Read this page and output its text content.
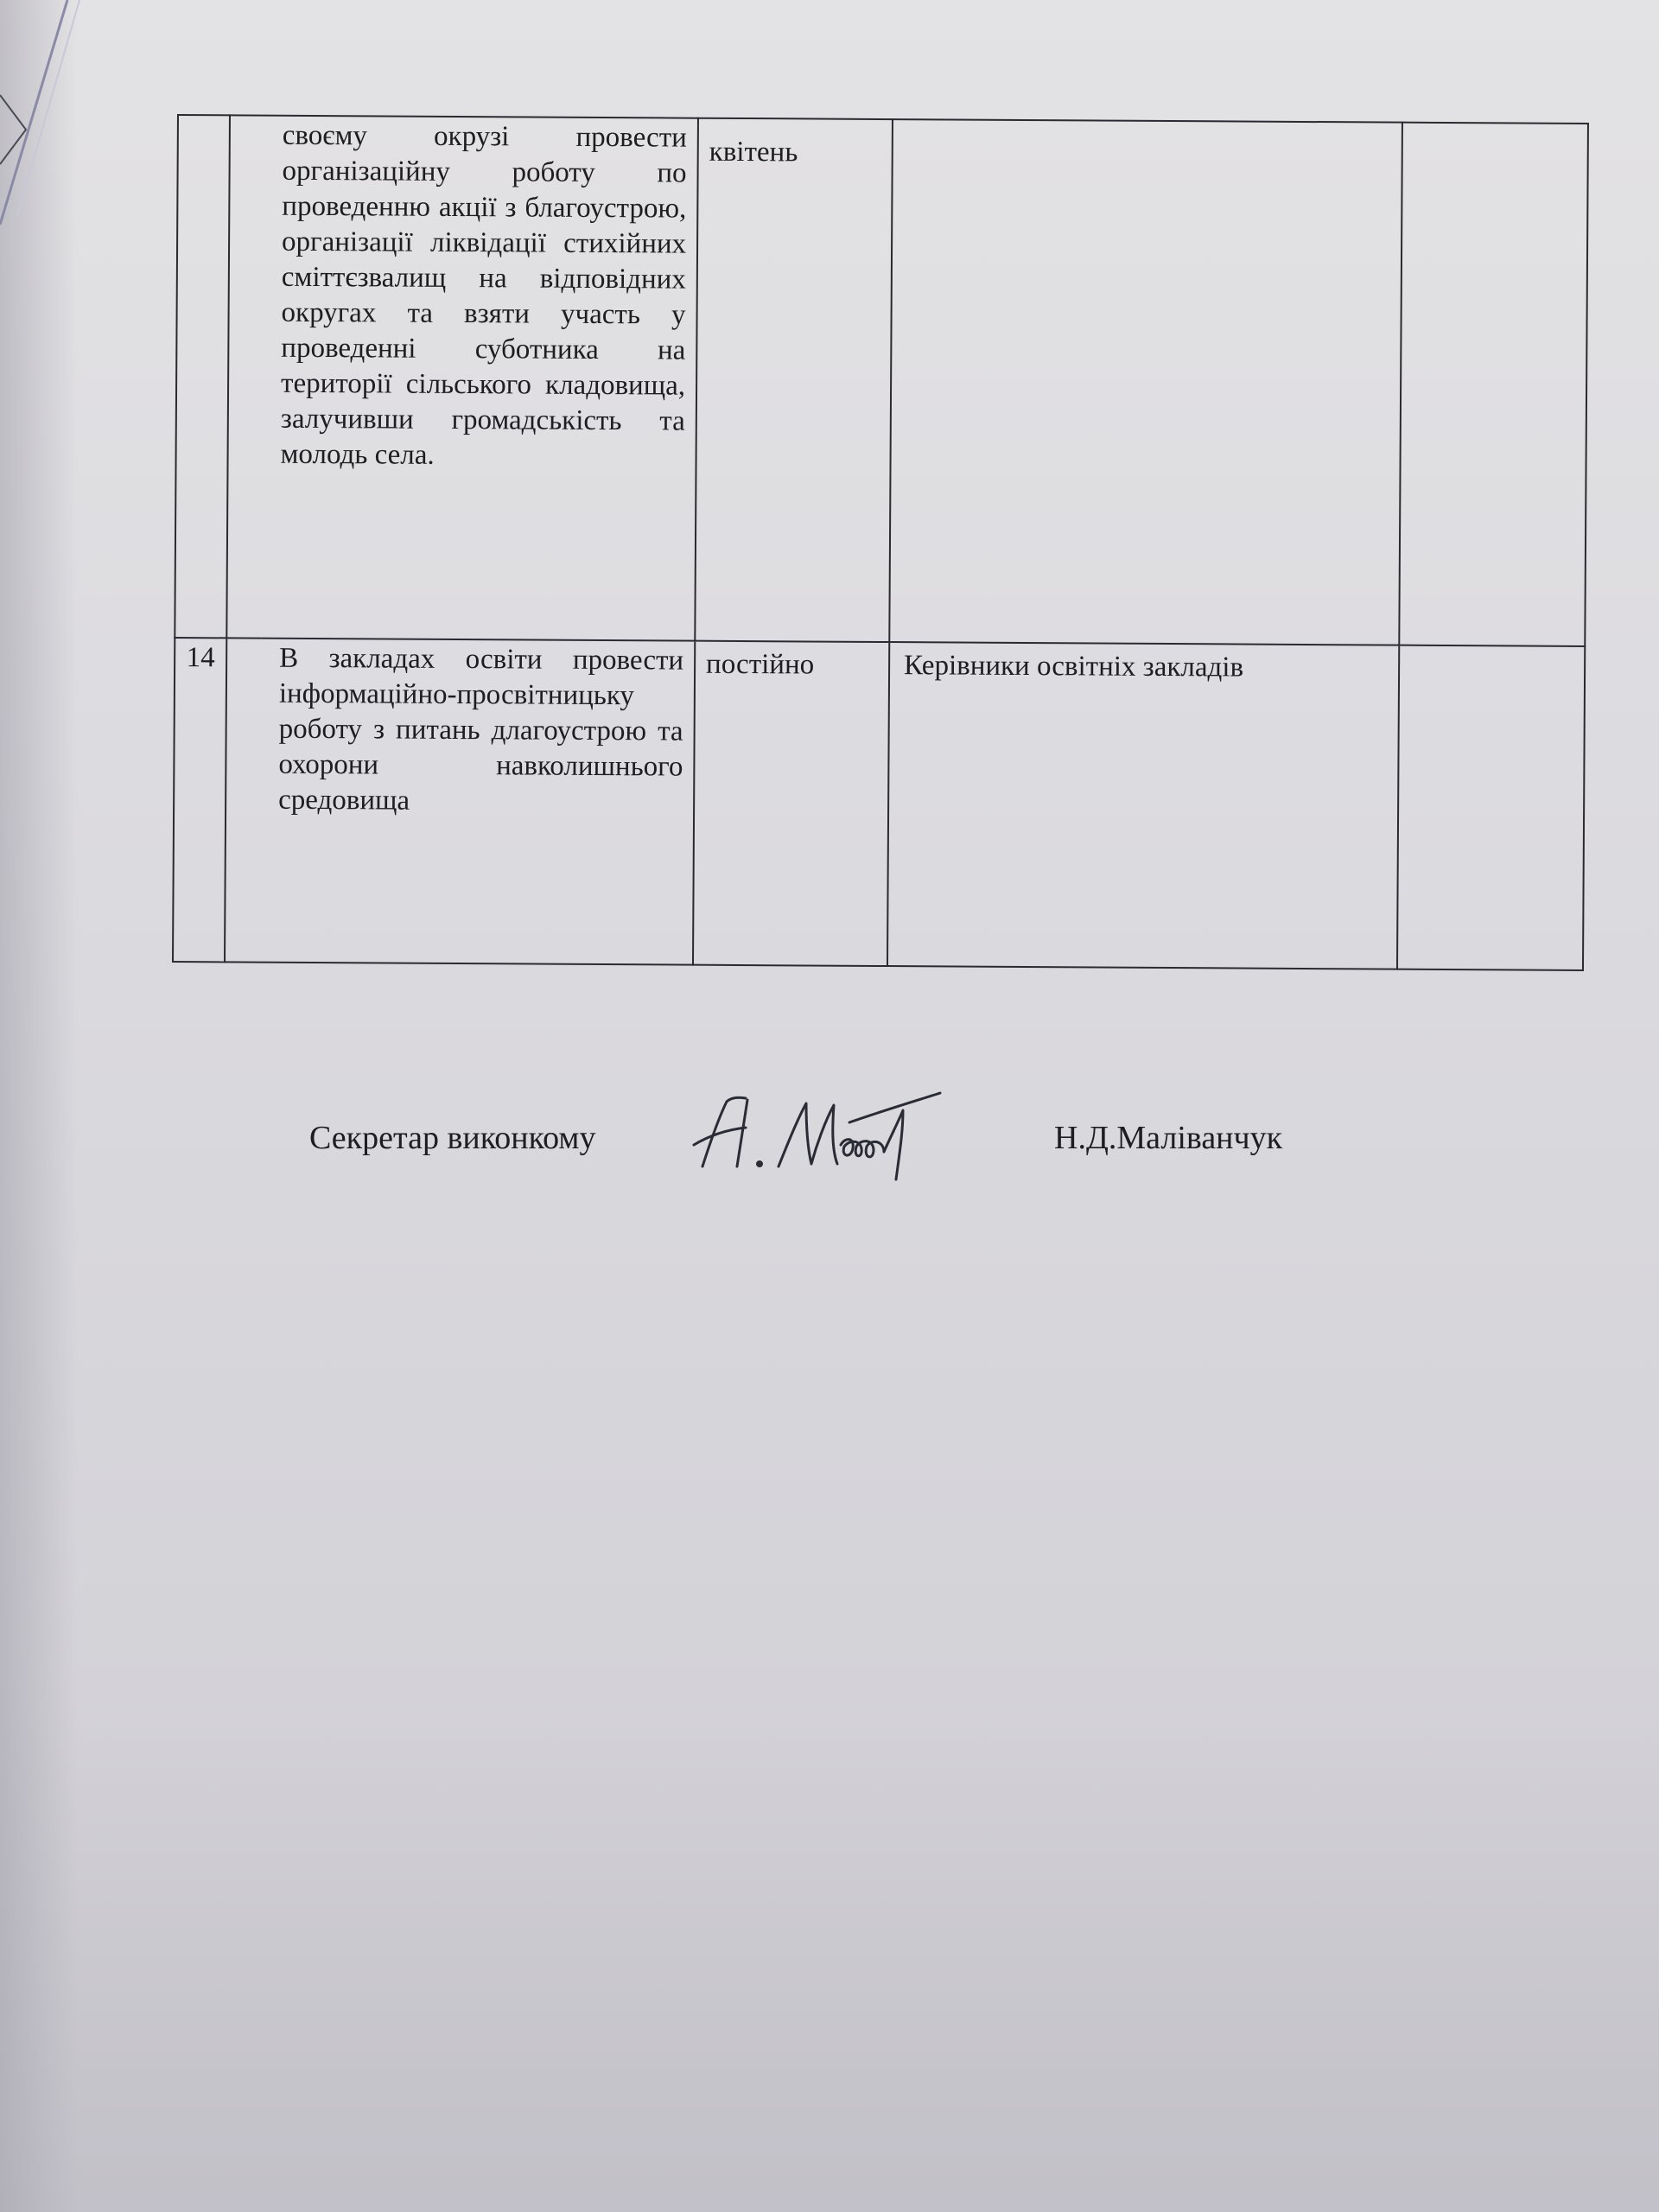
	своєму окрузі провести організаційну роботу по проведенню акції з благоустрою, організації ліквідації стихійних сміттєзвалищ на відповідних округах та взяти участь у проведенні суботника на території сільського кладовища, залучивши громадськість та молодь села.	квітень		
14	В закладах освіти провести інформаційно-просвітницьку роботу з питань длагоустрою та охорони навколишнього средовища	постійно	Керівники освітніх закладів	
Секретар виконкому	Н.Д.Маліванчук
